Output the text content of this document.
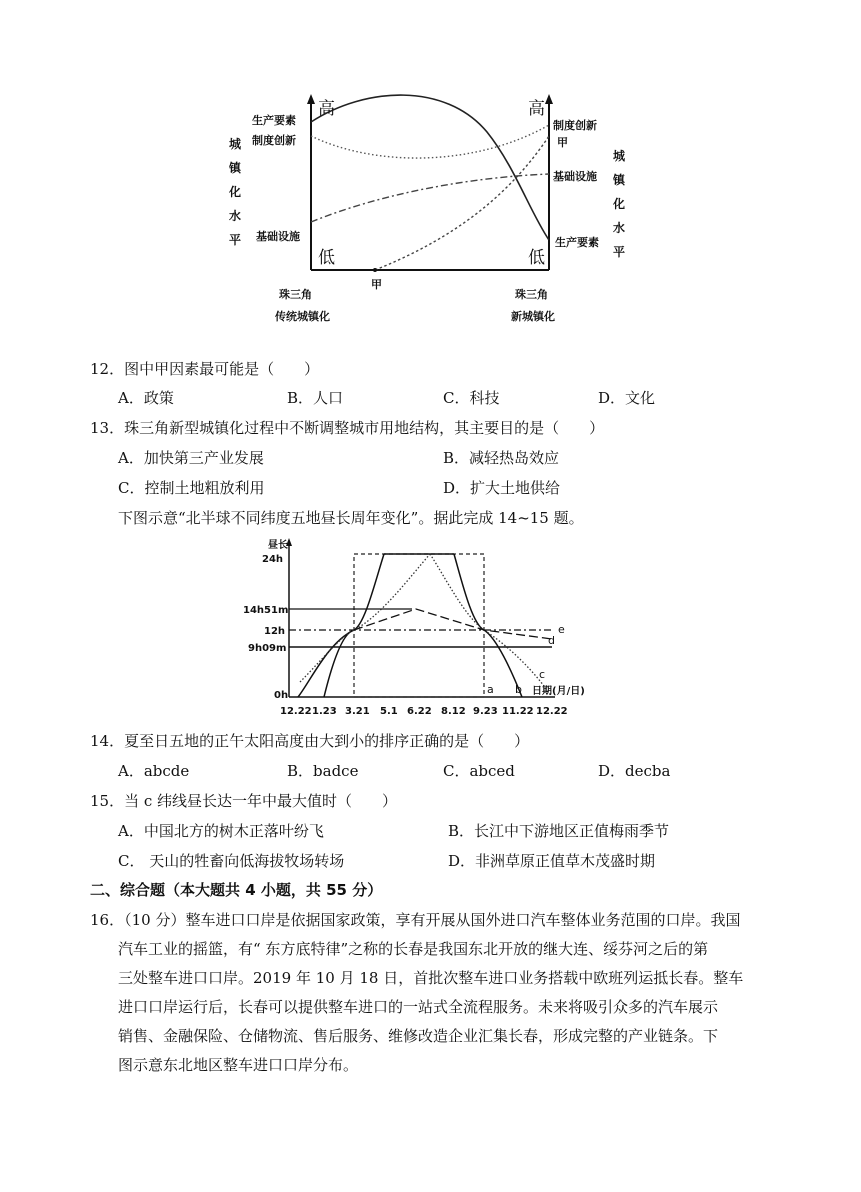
高	高
低	低
生产要素
制度创新
基础设施
制度创新
甲
基础设施
生产要素
城
镇
化
水
平
城
镇
化
水
平
甲
珠三角
传统城镇化
珠三角
新城镇化
12．图中甲因素最可能是（　　）
A．政策	B．人口	C．科技	D．文化
13．珠三角新型城镇化过程中不断调整城市用地结构，其主要目的是（　　）
A．加快第三产业发展	B．减轻热岛效应
C．控制土地粗放利用	D．扩大土地供给
下图示意“北半球不同纬度五地昼长周年变化”。据此完成 14~15 题。
24h
14h51m
12h
9h09m
0h
昼长
12.22 1.23 3.21 5.1 6.22 8.12 9.23 11.22 12.22
日期(月/日)
a b
c
d
e
14．夏至日五地的正午太阳高度由大到小的排序正确的是（　　）
A．abcde	B．badce	C．abced	D．decba
15．当 c 纬线昼长达一年中最大值时（　　）
A．中国北方的树木正落叶纷飞	B．长江中下游地区正值梅雨季节
C． 天山的牲畜向低海拔牧场转场	D．非洲草原正值草木茂盛时期
二、综合题（本大题共 4 小题，共 55 分）
16．（10 分）整车进口口岸是依据国家政策，享有开展从国外进口汽车整体业务范围的口岸。我国
汽车工业的摇篮，有“ 东方底特律”之称的长春是我国东北开放的继大连、绥芬河之后的第
三处整车进口口岸。2019 年 10 月 18 日，首批次整车进口业务搭载中欧班列运抵长春。整车
进口口岸运行后，长春可以提供整车进口的一站式全流程服务。未来将吸引众多的汽车展示
销售、金融保险、仓储物流、售后服务、维修改造企业汇集长春，形成完整的产业链条。下
图示意东北地区整车进口口岸分布。
